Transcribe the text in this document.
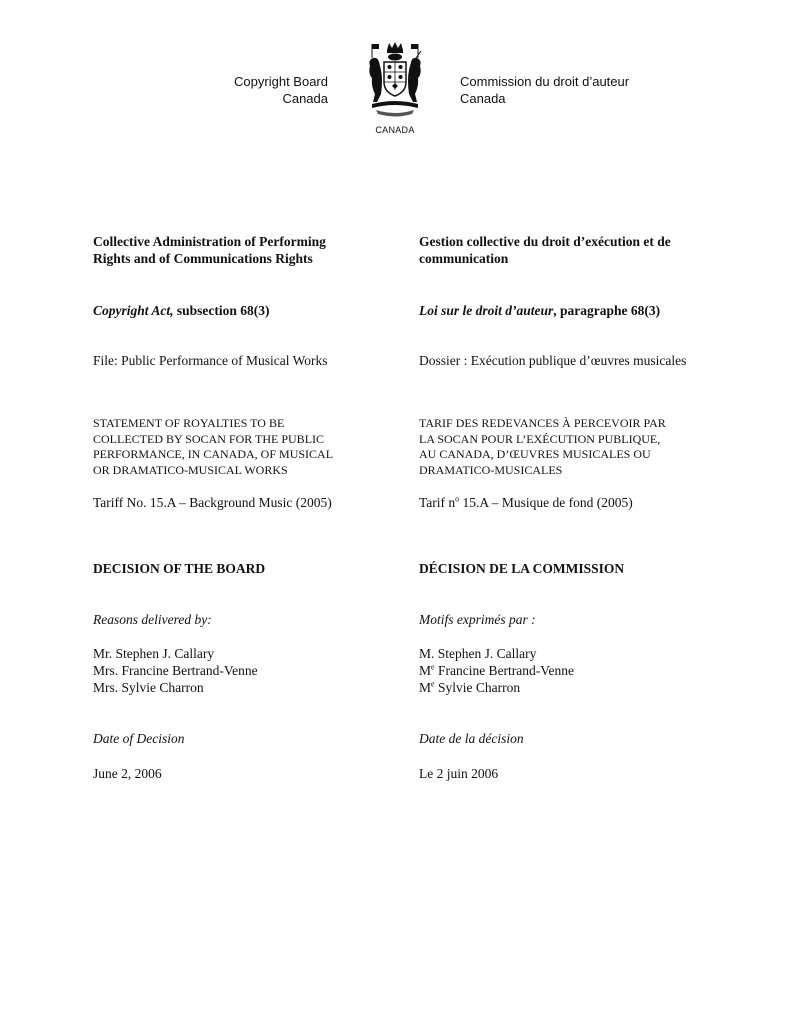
Copyright Board
Canada
CANADA
Commission du droit d’auteur
Canada
Collective Administration of Performing
Rights and of Communications Rights
Copyright Act, subsection 68(3)
File: Public Performance of Musical Works
STATEMENT OF ROYALTIES TO BE
COLLECTED BY SOCAN FOR THE PUBLIC
PERFORMANCE, IN CANADA, OF MUSICAL
OR DRAMATICO-MUSICAL WORKS
Tariff No. 15.A – Background Music (2005)
DECISION OF THE BOARD
Reasons delivered by:
Mr. Stephen J. Callary
Mrs. Francine Bertrand-Venne
Mrs. Sylvie Charron
Date of Decision
June 2, 2006
Gestion collective du droit d’exécution et de
communication
Loi sur le droit d’auteur, paragraphe 68(3)
Dossier : Exécution publique d’œuvres musicales
TARIF DES REDEVANCES À PERCEVOIR PAR
LA SOCAN POUR L’EXÉCUTION PUBLIQUE,
AU CANADA, D’ŒUVRES MUSICALES OU
DRAMATICO-MUSICALES
Tarif $n^o$ 15.A – Musique de fond (2005)
DÉCISION DE LA COMMISSION
Motifs exprimés par :
M. Stephen J. Callary
Me Francine Bertrand-Venne
Me Sylvie Charron
Date de la décision
Le 2 juin 2006
